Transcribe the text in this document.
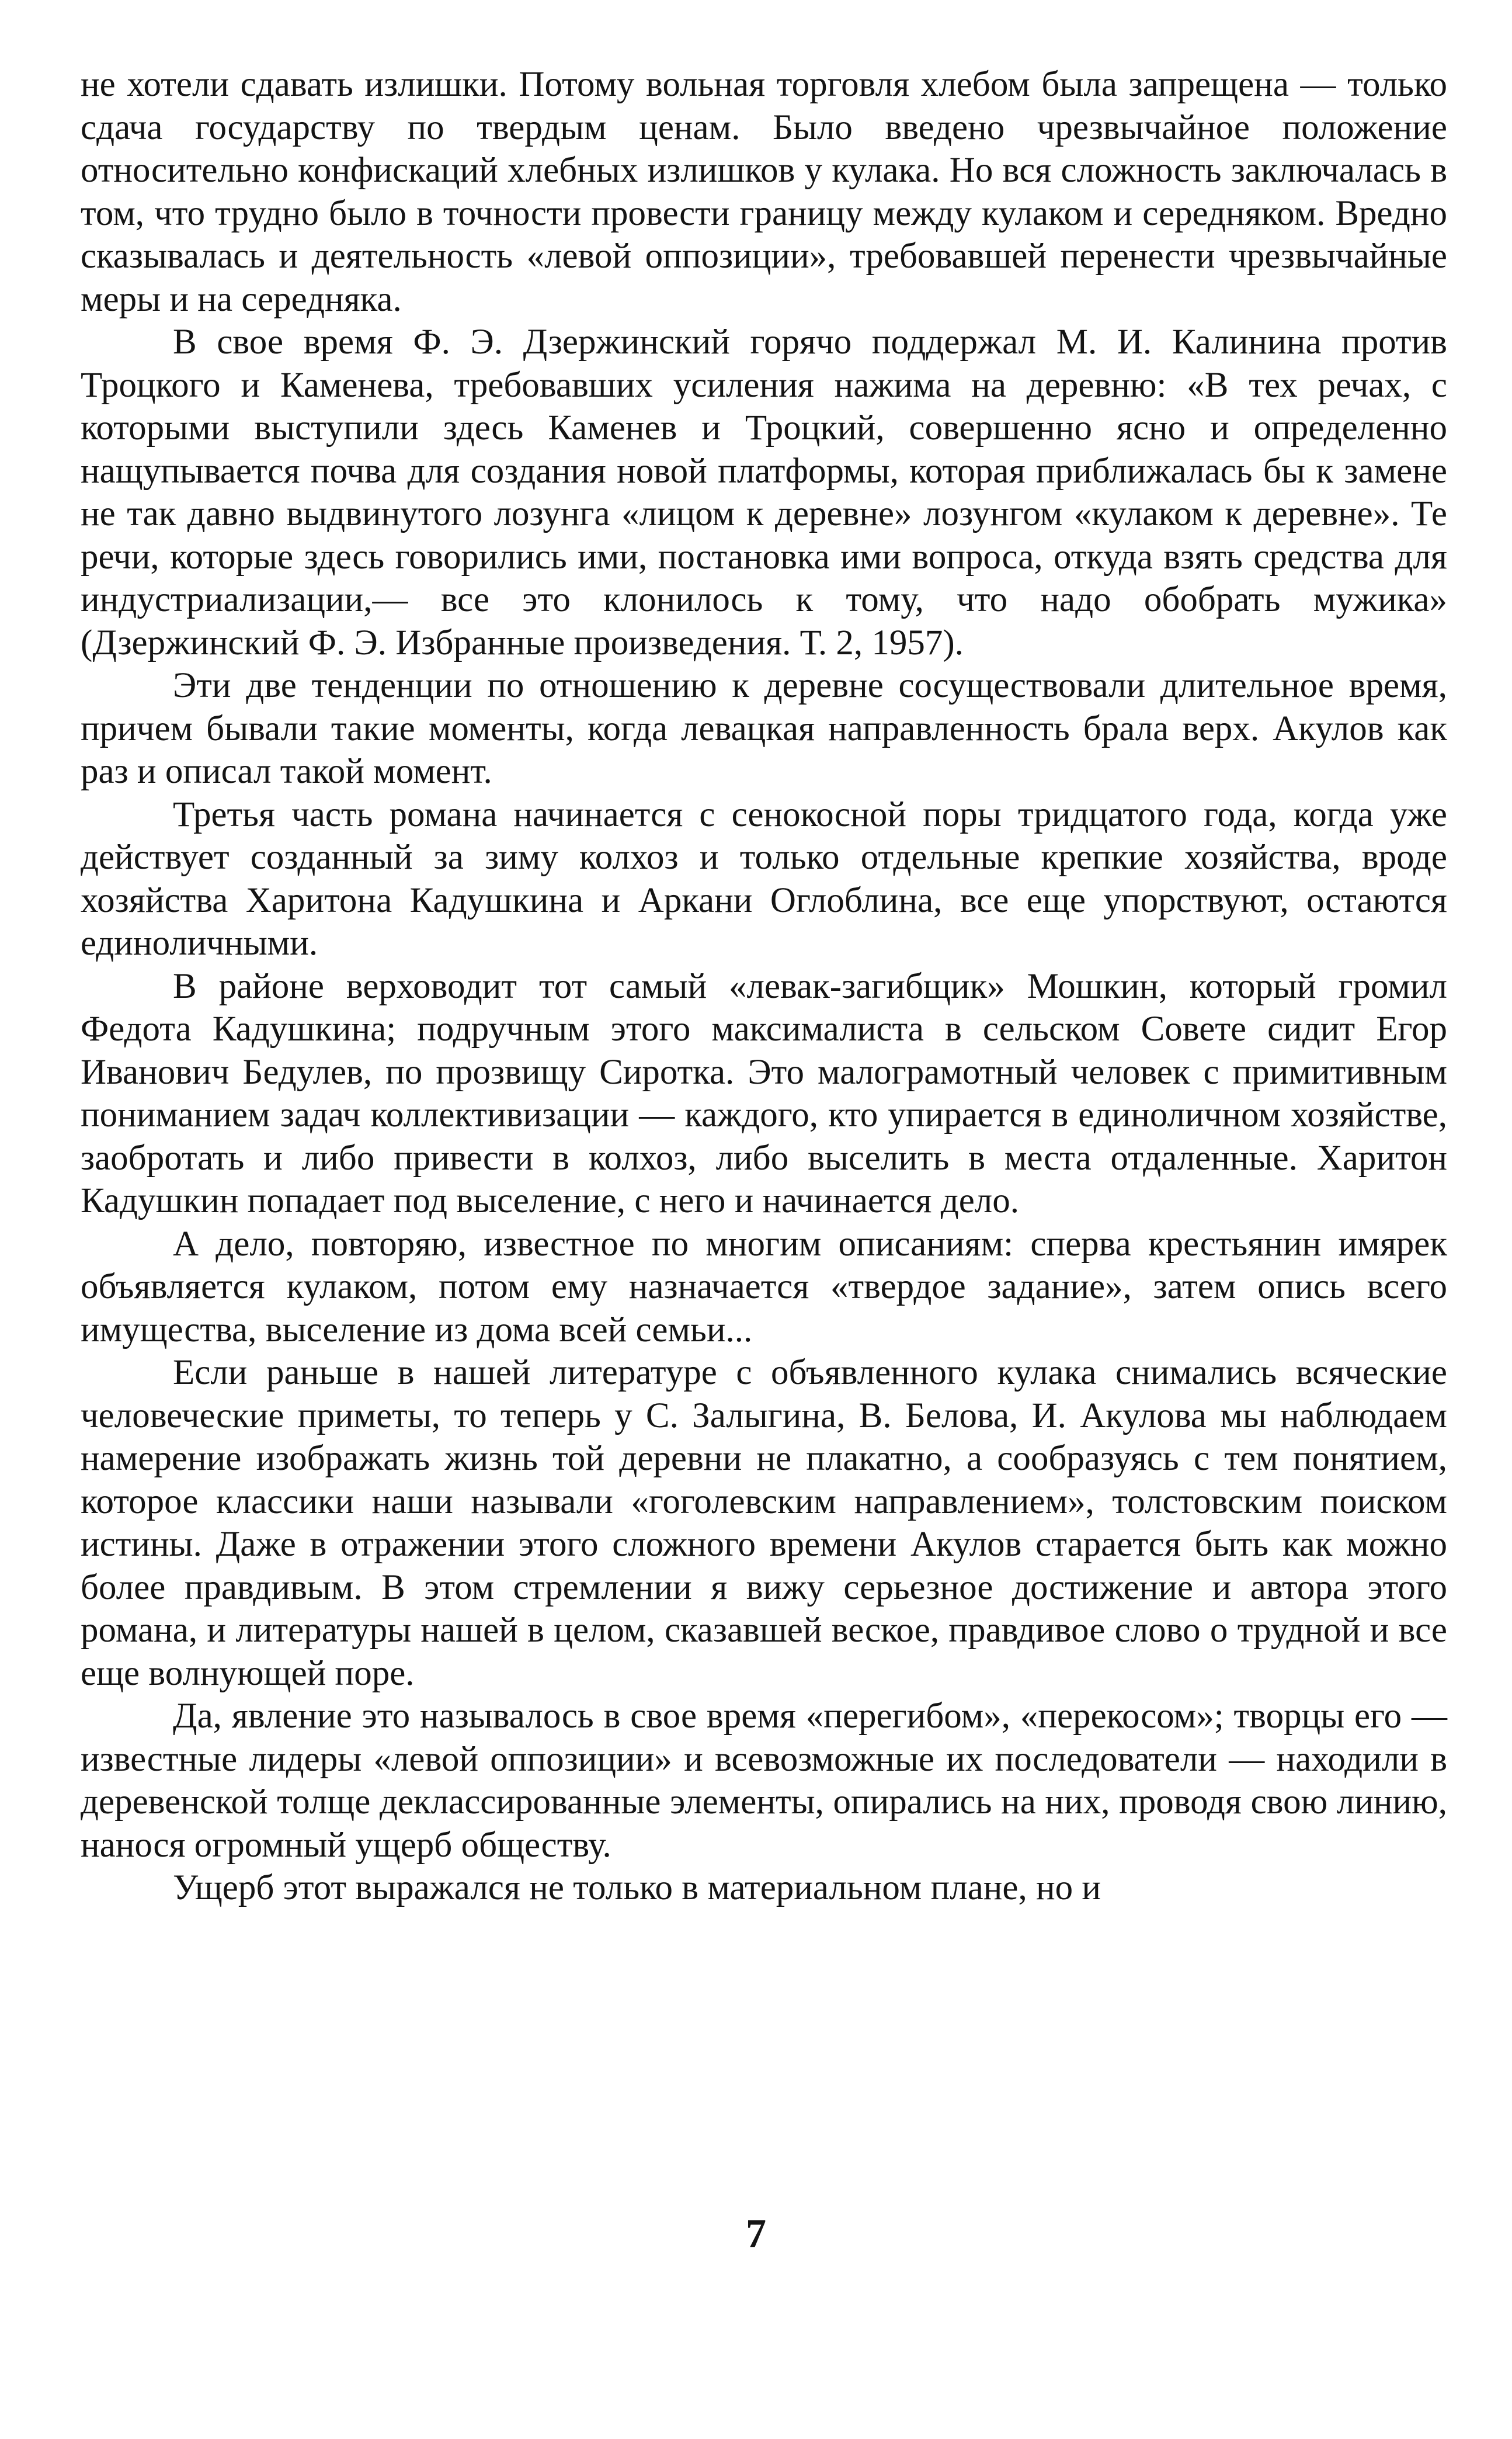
не хотели сдавать излишки. Потому вольная торговля хлебом была запрещена — только сдача государству по твердым ценам. Было введено чрезвычайное положение относительно конфискаций хлебных излишков у кулака. Но вся сложность заключалась в том, что трудно было в точности провести границу между кулаком и середняком. Вредно сказывалась и деятельность «левой оппозиции», требовавшей перенести чрезвычайные меры и на середняка.

В свое время Ф. Э. Дзержинский горячо поддержал М. И. Калинина против Троцкого и Каменева, требовавших усиления нажима на деревню: «В тех речах, с которыми выступили здесь Каменев и Троцкий, совершенно ясно и определенно нащупывается почва для создания новой платформы, которая приближалась бы к замене не так давно выдвинутого лозунга «лицом к деревне» лозунгом «кулаком к деревне». Те речи, которые здесь говорились ими, постановка ими вопроса, откуда взять средства для индустриализации,— все это клонилось к тому, что надо обобрать мужика» (Дзержинский Ф. Э. Избранные произведения. Т. 2, 1957).

Эти две тенденции по отношению к деревне сосуществовали длительное время, причем бывали такие моменты, когда левацкая направленность брала верх. Акулов как раз и описал такой момент.

Третья часть романа начинается с сенокосной поры тридцатого года, когда уже действует созданный за зиму колхоз и только отдельные крепкие хозяйства, вроде хозяйства Харитона Кадушкина и Аркани Оглоблина, все еще упорствуют, остаются единоличными.

В районе верховодит тот самый «левак-загибщик» Мошкин, который громил Федота Кадушкина; подручным этого максималиста в сельском Совете сидит Егор Иванович Бедулев, по прозвищу Сиротка. Это малограмотный человек с примитивным пониманием задач коллективизации — каждого, кто упирается в единоличном хозяйстве, заобротать и либо привести в колхоз, либо выселить в места отдаленные. Харитон Кадушкин попадает под выселение, с него и начинается дело.

А дело, повторяю, известное по многим описаниям: сперва крестьянин имярек объявляется кулаком, потом ему назначается «твердое задание», затем опись всего имущества, выселение из дома всей семьи...

Если раньше в нашей литературе с объявленного кулака снимались всяческие человеческие приметы, то теперь у С. Залыгина, В. Белова, И. Акулова мы наблюдаем намерение изображать жизнь той деревни не плакатно, а сообразуясь с тем понятием, которое классики наши называли «гоголевским направлением», толстовским поиском истины. Даже в отражении этого сложного времени Акулов старается быть как можно более правдивым. В этом стремлении я вижу серьезное достижение и автора этого романа, и литературы нашей в целом, сказавшей веское, правдивое слово о трудной и все еще волнующей поре.

Да, явление это называлось в свое время «перегибом», «перекосом»; творцы его — известные лидеры «левой оппозиции» и всевозможные их последователи — находили в деревенской толще деклассированные элементы, опирались на них, проводя свою линию, нанося огромный ущерб обществу.

Ущерб этот выражался не только в материальном плане, но и

7
